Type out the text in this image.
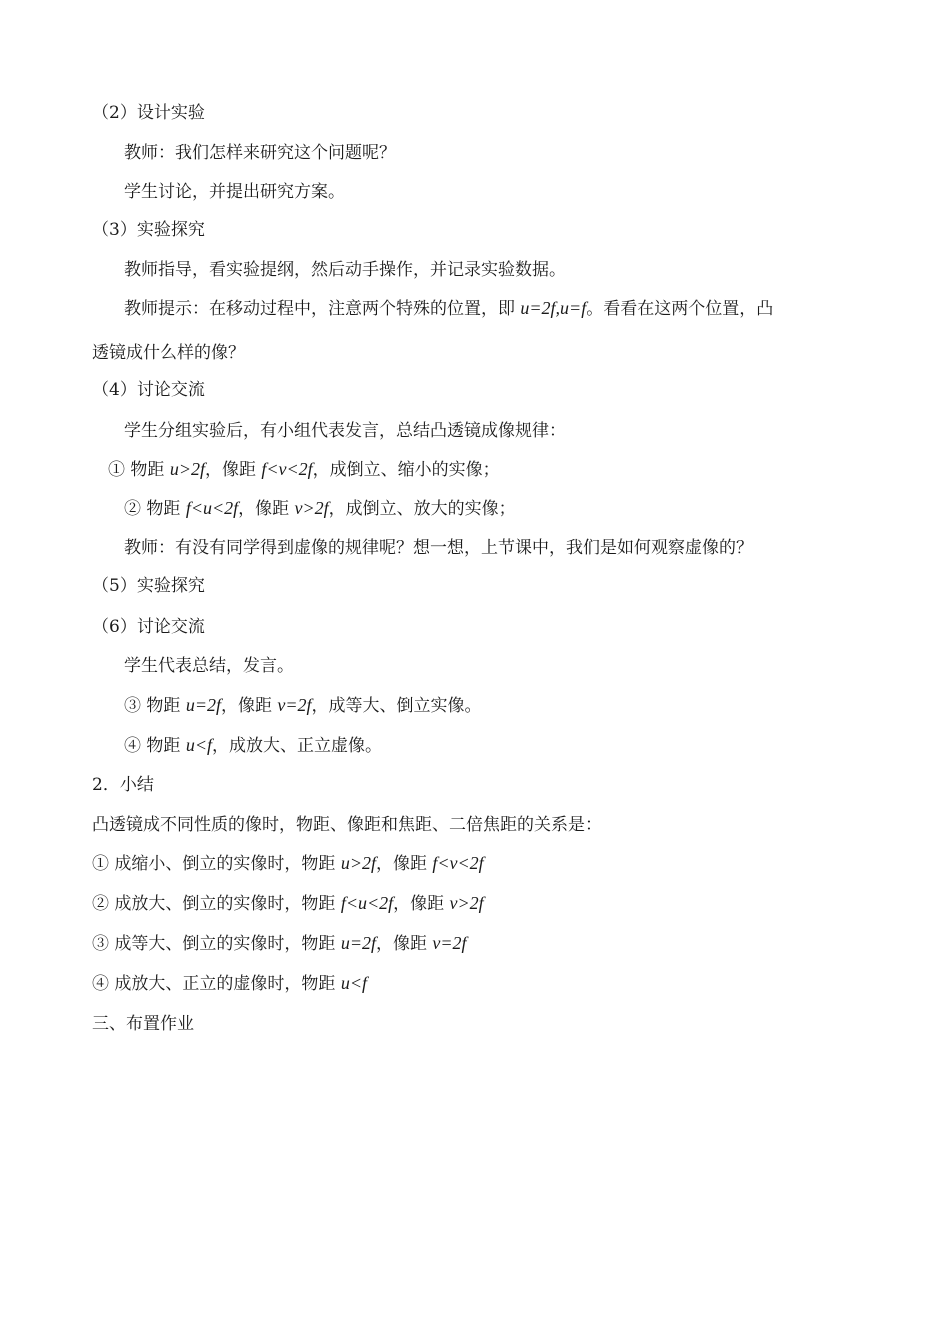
（2）设计实验
教师：我们怎样来研究这个问题呢？
学生讨论，并提出研究方案。
（3）实验探究
教师指导，看实验提纲，然后动手操作，并记录实验数据。
教师提示：在移动过程中，注意两个特殊的位置，即 u=2f,u=f。看看在这两个位置，凸
透镜成什么样的像？
（4）讨论交流
学生分组实验后，有小组代表发言，总结凸透镜成像规律：
① 物距 u>2f，像距 f<v<2f，成倒立、缩小的实像；
② 物距 f<u<2f，像距 v>2f，成倒立、放大的实像；
教师：有没有同学得到虚像的规律呢？想一想，上节课中，我们是如何观察虚像的？
（5）实验探究
（6）讨论交流
学生代表总结，发言。
③ 物距 u=2f，像距 v=2f，成等大、倒立实像。
④ 物距 u<f，成放大、正立虚像。
2．小结
凸透镜成不同性质的像时，物距、像距和焦距、二倍焦距的关系是：
① 成缩小、倒立的实像时，物距 u>2f，像距 f<v<2f
② 成放大、倒立的实像时，物距 f<u<2f，像距 v>2f
③ 成等大、倒立的实像时，物距 u=2f，像距 v=2f
④ 成放大、正立的虚像时，物距 u<f
三、布置作业
